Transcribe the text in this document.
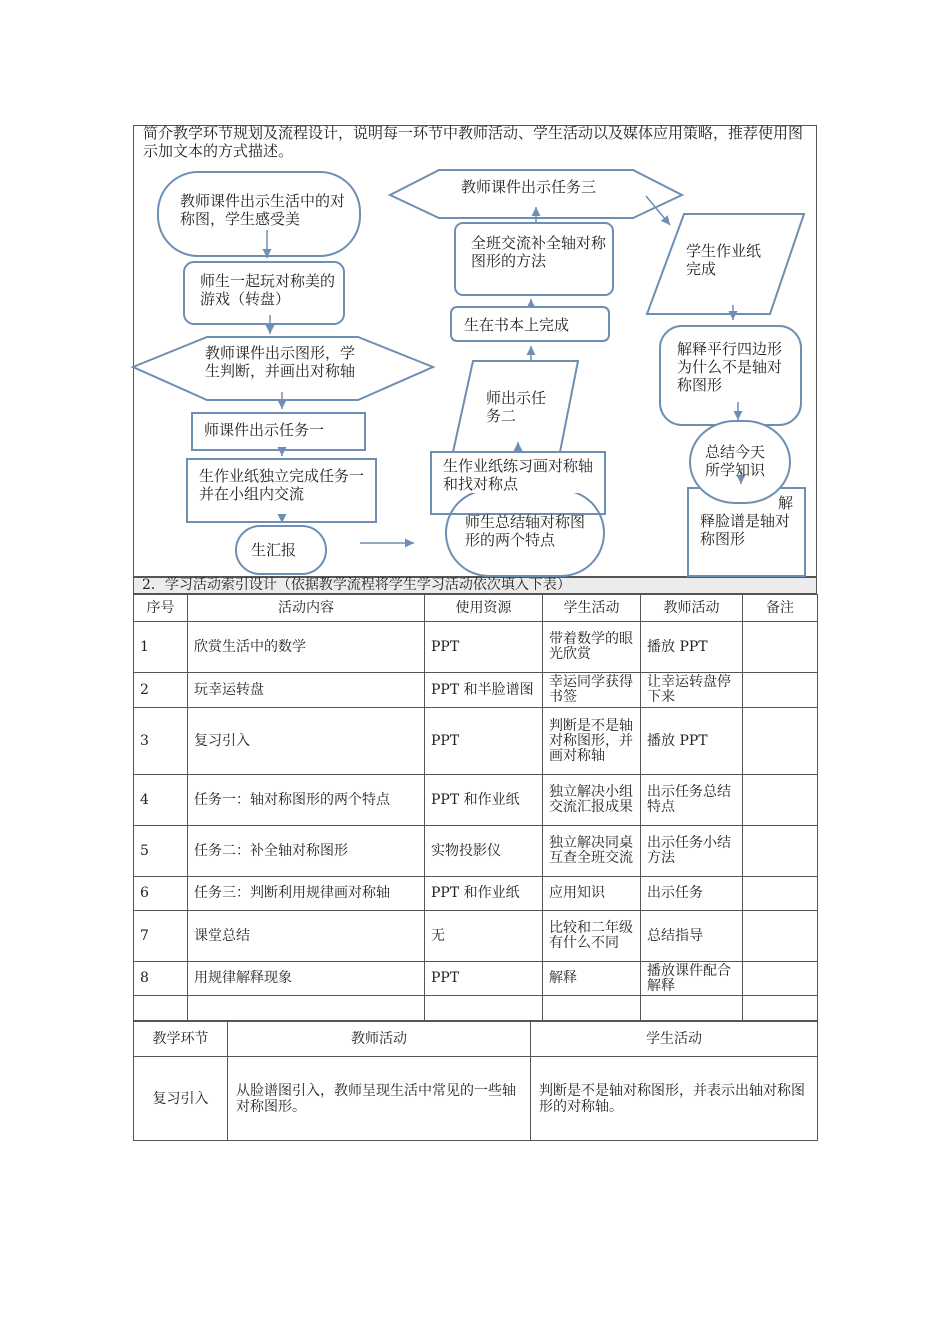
简介教学环节规划及流程设计，说明每一环节中教师活动、学生活动以及媒体应用策略，推荐使用图示加文本的方式描述。
教师课件出示生活中的对称图，学生感受美
师生一起玩对称美的游戏（转盘）
教师课件出示图形，学生判断，并画出对称轴
师课件出示任务一
生作业纸独立完成任务一并在小组内交流
生汇报
师生总结轴对称图形的两个特点
生作业纸练习画对称轴和找对称点
师出示任务二
生在书本上完成
全班交流补全轴对称图形的方法
教师课件出示任务三
学生作业纸完成
解释平行四边形为什么不是轴对称图形
总结今天所学知识
解
释脸谱是轴对称图形
2．学习活动索引设计（依据教学流程将学生学习活动依次填入下表）
序号	活动内容	使用资源	学生活动	教师活动	备注
1	欣赏生活中的数学	PPT	带着数学的眼光欣赏	播放 PPT	
2	玩幸运转盘	PPT 和半脸谱图	幸运同学获得书签	让幸运转盘停下来	
3	复习引入	PPT	判断是不是轴对称图形，并画对称轴	播放 PPT	
4	任务一：轴对称图形的两个特点	PPT 和作业纸	独立解决小组交流汇报成果	出示任务总结特点	
5	任务二：补全轴对称图形	实物投影仪	独立解决同桌互查全班交流	出示任务小结方法	
6	任务三：判断利用规律画对称轴	PPT 和作业纸	应用知识	出示任务	
7	课堂总结	无	比较和二年级有什么不同	总结指导	
8	用规律解释现象	PPT	解释	播放课件配合解释	

教学环节	教师活动	学生活动
复习引入	从脸谱图引入，教师呈现生活中常见的一些轴对称图形。	判断是不是轴对称图形，并表示出轴对称图形的对称轴。
